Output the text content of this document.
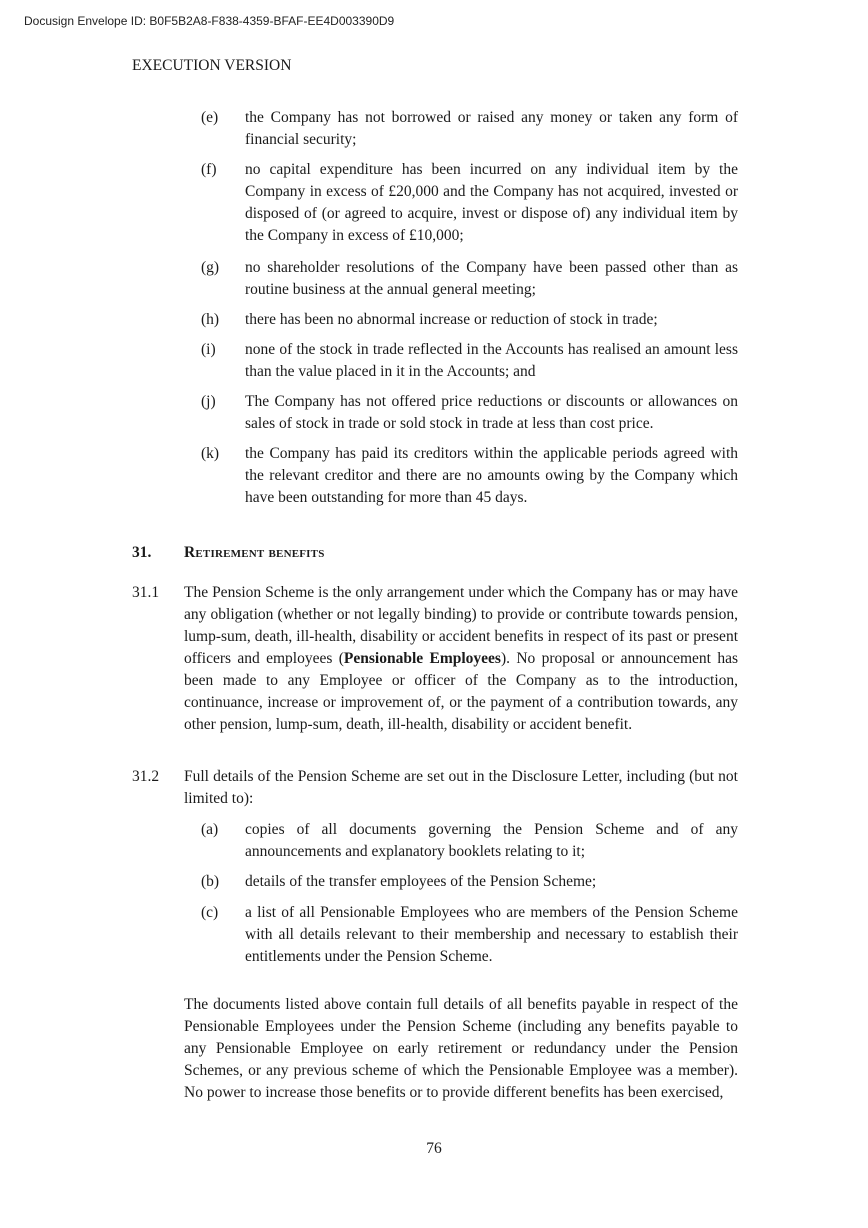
Docusign Envelope ID: B0F5B2A8-F838-4359-BFAF-EE4D003390D9
EXECUTION VERSION
(e)	the Company has not borrowed or raised any money or taken any form of financial security;
(f)	no capital expenditure has been incurred on any individual item by the Company in excess of £20,000 and the Company has not acquired, invested or disposed of (or agreed to acquire, invest or dispose of) any individual item by the Company in excess of £10,000;
(g)	no shareholder resolutions of the Company have been passed other than as routine business at the annual general meeting;
(h)	there has been no abnormal increase or reduction of stock in trade;
(i)	none of the stock in trade reflected in the Accounts has realised an amount less than the value placed in it in the Accounts; and
(j)	The Company has not offered price reductions or discounts or allowances on sales of stock in trade or sold stock in trade at less than cost price.
(k)	the Company has paid its creditors within the applicable periods agreed with the relevant creditor and there are no amounts owing by the Company which have been outstanding for more than 45 days.
31.	Retirement benefits
31.1	The Pension Scheme is the only arrangement under which the Company has or may have any obligation (whether or not legally binding) to provide or contribute towards pension, lump-sum, death, ill-health, disability or accident benefits in respect of its past or present officers and employees (Pensionable Employees). No proposal or announcement has been made to any Employee or officer of the Company as to the introduction, continuance, increase or improvement of, or the payment of a contribution towards, any other pension, lump-sum, death, ill-health, disability or accident benefit.
31.2	Full details of the Pension Scheme are set out in the Disclosure Letter, including (but not limited to):
(a)	copies of all documents governing the Pension Scheme and of any announcements and explanatory booklets relating to it;
(b)	details of the transfer employees of the Pension Scheme;
(c)	a list of all Pensionable Employees who are members of the Pension Scheme with all details relevant to their membership and necessary to establish their entitlements under the Pension Scheme.
The documents listed above contain full details of all benefits payable in respect of the Pensionable Employees under the Pension Scheme (including any benefits payable to any Pensionable Employee on early retirement or redundancy under the Pension Schemes, or any previous scheme of which the Pensionable Employee was a member). No power to increase those benefits or to provide different benefits has been exercised,
76
